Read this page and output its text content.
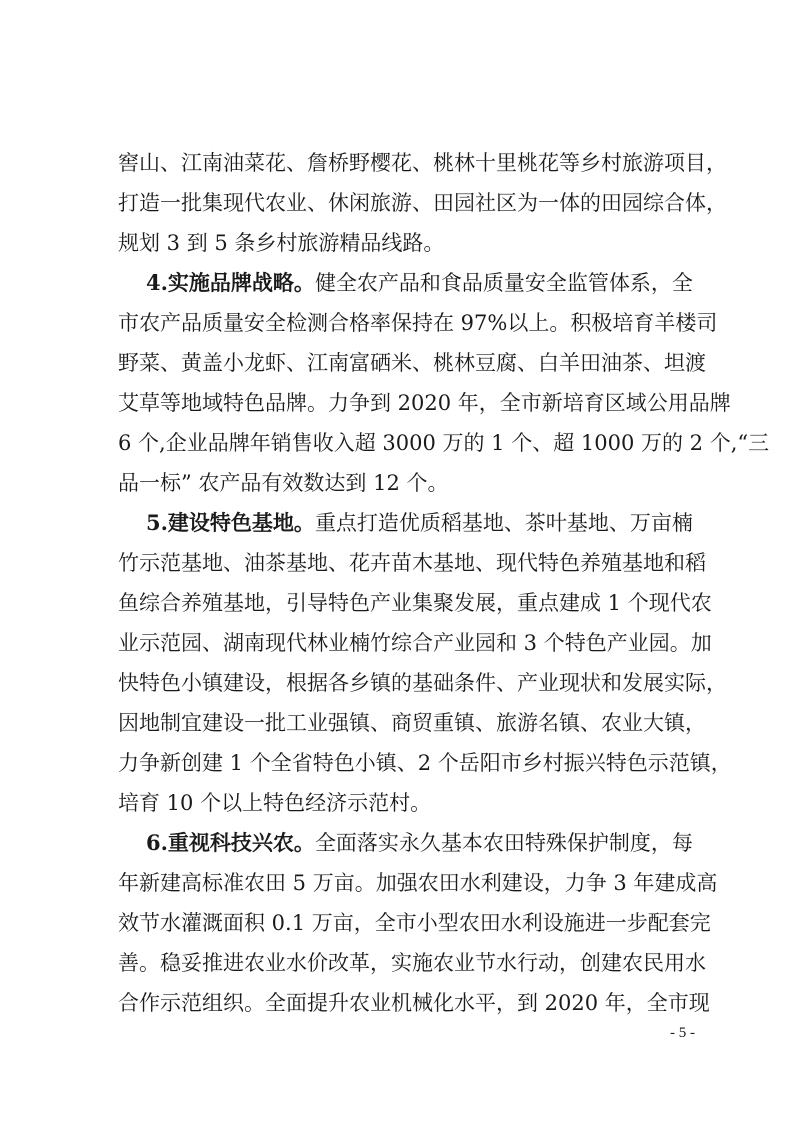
窖山、江南油菜花、詹桥野樱花、桃林十里桃花等乡村旅游项目，
打造一批集现代农业、休闲旅游、田园社区为一体的田园综合体，
规划 3 到 5 条乡村旅游精品线路。
4.实施品牌战略。健全农产品和食品质量安全监管体系，全
市农产品质量安全检测合格率保持在 97%以上。积极培育羊楼司
野菜、黄盖小龙虾、江南富硒米、桃林豆腐、白羊田油茶、坦渡
艾草等地域特色品牌。力争到 2020 年，全市新培育区域公用品牌
6 个,企业品牌年销售收入超 3000 万的 1 个、超 1000 万的 2 个,“三
品一标” 农产品有效数达到 12 个。
5.建设特色基地。重点打造优质稻基地、茶叶基地、万亩楠
竹示范基地、油茶基地、花卉苗木基地、现代特色养殖基地和稻
鱼综合养殖基地，引导特色产业集聚发展，重点建成 1 个现代农
业示范园、湖南现代林业楠竹综合产业园和 3 个特色产业园。加
快特色小镇建设，根据各乡镇的基础条件、产业现状和发展实际，
因地制宜建设一批工业强镇、商贸重镇、旅游名镇、农业大镇，
力争新创建 1 个全省特色小镇、2 个岳阳市乡村振兴特色示范镇，
培育 10 个以上特色经济示范村。
6.重视科技兴农。全面落实永久基本农田特殊保护制度，每
年新建高标准农田 5 万亩。加强农田水利建设，力争 3 年建成高
效节水灌溉面积 0.1 万亩，全市小型农田水利设施进一步配套完
善。稳妥推进农业水价改革，实施农业节水行动，创建农民用水
合作示范组织。全面提升农业机械化水平，到 2020 年，全市现
- 5 -
